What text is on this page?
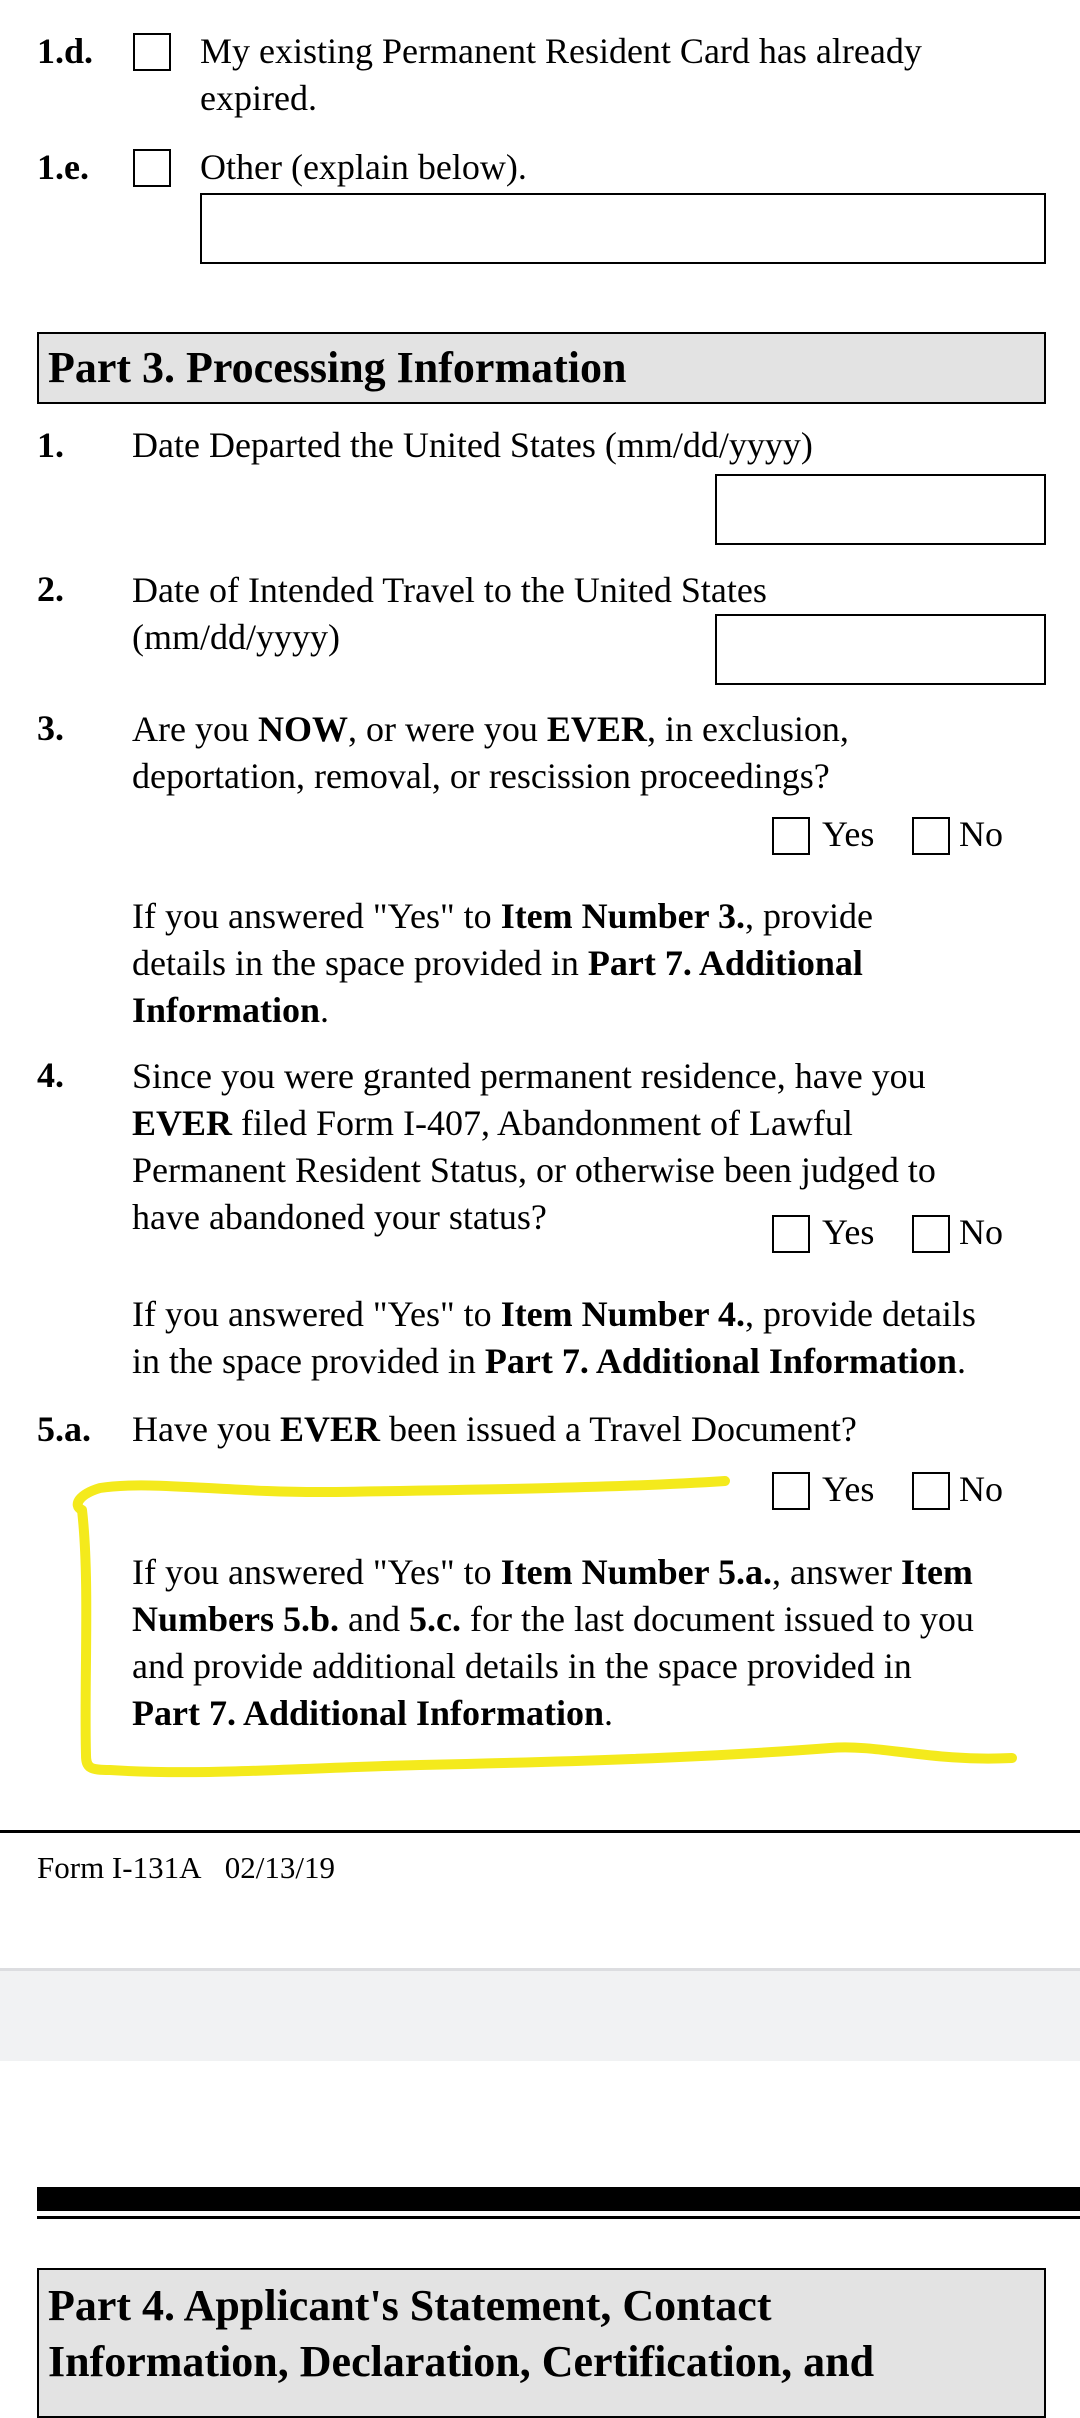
1.d.	My existing Permanent Resident Card has already
expired.
1.e.	Other (explain below).
Part 3. Processing Information
1. Date Departed the United States (mm/dd/yyyy)
2. Date of Intended Travel to the United States
(mm/dd/yyyy)
3. Are you NOW, or were you EVER, in exclusion,
deportation, removal, or rescission proceedings?
Yes No
If you answered "Yes" to Item Number 3., provide
details in the space provided in Part 7. Additional
Information.
4. Since you were granted permanent residence, have you
EVER filed Form I-407, Abandonment of Lawful
Permanent Resident Status, or otherwise been judged to
have abandoned your status?	Yes No
If you answered "Yes" to Item Number 4., provide details
in the space provided in Part 7. Additional Information.
5.a. Have you EVER been issued a Travel Document?
Yes No
If you answered "Yes" to Item Number 5.a., answer Item
Numbers 5.b. and 5.c. for the last document issued to you
and provide additional details in the space provided in
Part 7. Additional Information.
Form I-131A 02/13/19
Part 4. Applicant's Statement, Contact
Information, Declaration, Certification, and
